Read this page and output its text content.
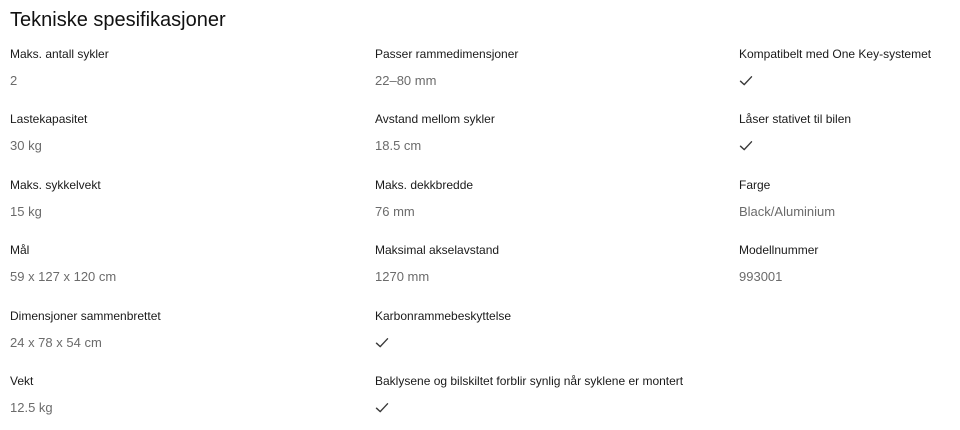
Tekniske spesifikasjoner
Maks. antall sykler
2
Lastekapasitet
30 kg
Maks. sykkelvekt
15 kg
Mål
59 x 127 x 120 cm
Dimensjoner sammenbrettet
24 x 78 x 54 cm
Vekt
12.5 kg
Passer rammedimensjoner
22–80 mm
Avstand mellom sykler
18.5 cm
Maks. dekkbredde
76 mm
Maksimal akselavstand
1270 mm
Karbonrammebeskyttelse
Baklysene og bilskiltet forblir synlig når syklene er montert
Kompatibelt med One Key-systemet
Låser stativet til bilen
Farge
Black/Aluminium
Modellnummer
993001
